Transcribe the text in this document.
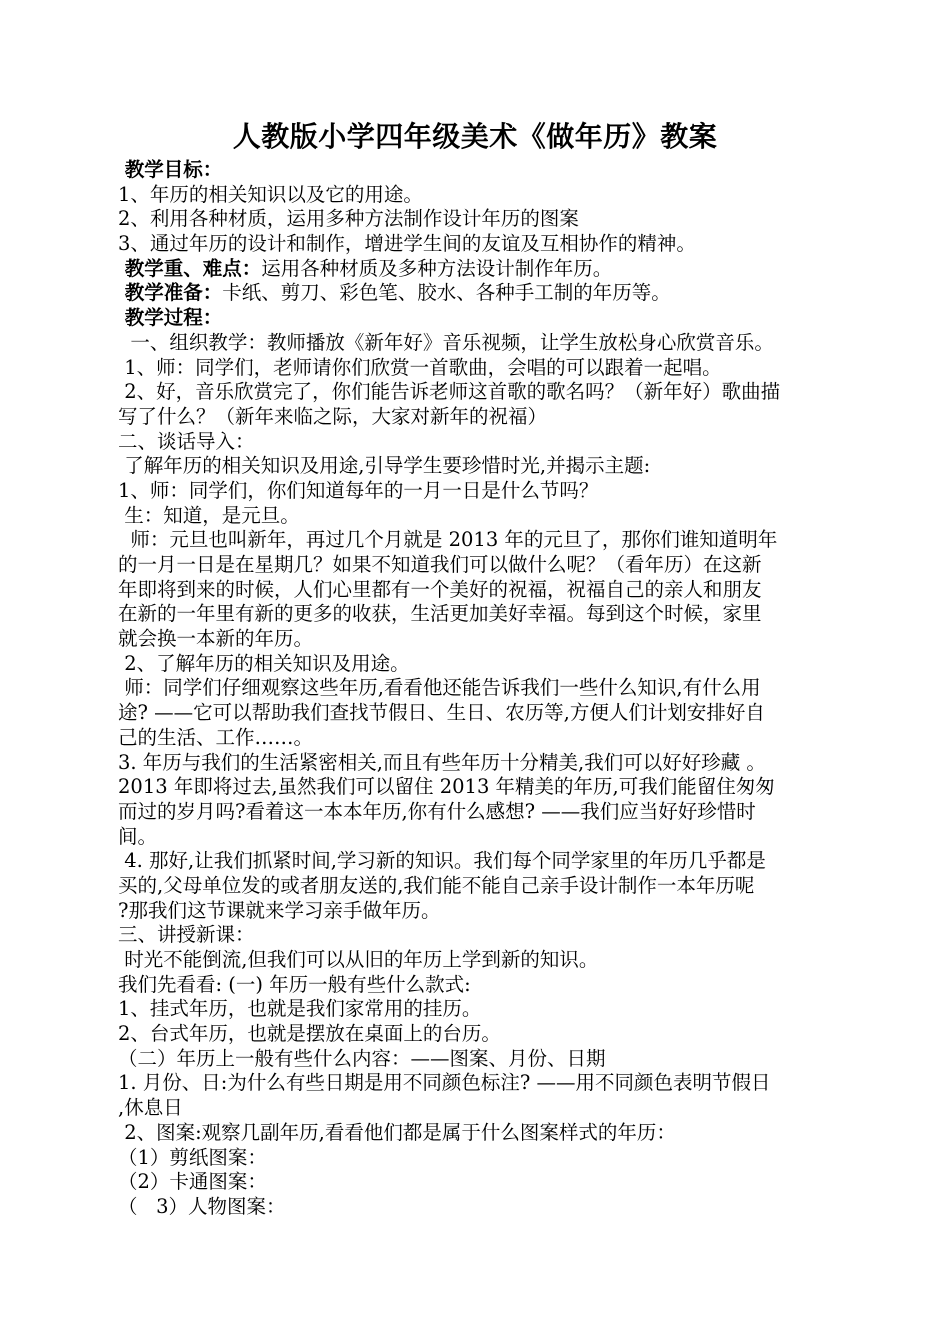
人教版小学四年级美术《做年历》教案
教学目标：
1、年历的相关知识以及它的用途。
2、利用各种材质，运用多种方法制作设计年历的图案
3、通过年历的设计和制作，增进学生间的友谊及互相协作的精神。
教学重、难点：运用各种材质及多种方法设计制作年历。
教学准备：卡纸、剪刀、彩色笔、胶水、各种手工制的年历等。
教学过程：
一、组织教学：教师播放《新年好》音乐视频，让学生放松身心欣赏音乐。
1、师：同学们，老师请你们欣赏一首歌曲，会唱的可以跟着一起唱。
2、好，音乐欣赏完了，你们能告诉老师这首歌的歌名吗？（新年好）歌曲描
写了什么？（新年来临之际，大家对新年的祝福）
二、谈话导入：
了解年历的相关知识及用途,引导学生要珍惜时光,并揭示主题:
1、师：同学们，你们知道每年的一月一日是什么节吗？
生：知道，是元旦。
师：元旦也叫新年，再过几个月就是 2013 年的元旦了，那你们谁知道明年
的一月一日是在星期几？如果不知道我们可以做什么呢？（看年历）在这新
年即将到来的时候，人们心里都有一个美好的祝福，祝福自己的亲人和朋友
在新的一年里有新的更多的收获，生活更加美好幸福。每到这个时候，家里
就会换一本新的年历。
2、了解年历的相关知识及用途。
师：同学们仔细观察这些年历,看看他还能告诉我们一些什么知识,有什么用
途? ——它可以帮助我们查找节假日、生日、农历等,方便人们计划安排好自
己的生活、工作……。
3. 年历与我们的生活紧密相关,而且有些年历十分精美,我们可以好好珍藏 。
2013 年即将过去,虽然我们可以留住 2013 年精美的年历,可我们能留住匆匆
而过的岁月吗?看着这一本本年历,你有什么感想? ——我们应当好好珍惜时
间。
4. 那好,让我们抓紧时间,学习新的知识。我们每个同学家里的年历几乎都是
买的,父母单位发的或者朋友送的,我们能不能自己亲手设计制作一本年历呢
?那我们这节课就来学习亲手做年历。
三、讲授新课：
时光不能倒流,但我们可以从旧的年历上学到新的知识。
我们先看看: (一) 年历一般有些什么款式:
1、挂式年历，也就是我们家常用的挂历。
2、台式年历，也就是摆放在桌面上的台历。
（二）年历上一般有些什么内容：——图案、月份、日期
1. 月份、日:为什么有些日期是用不同颜色标注? ——用不同颜色表明节假日
,休息日
2、图案:观察几副年历,看看他们都是属于什么图案样式的年历：
（1）剪纸图案：
（2）卡通图案：
（   3）人物图案：
